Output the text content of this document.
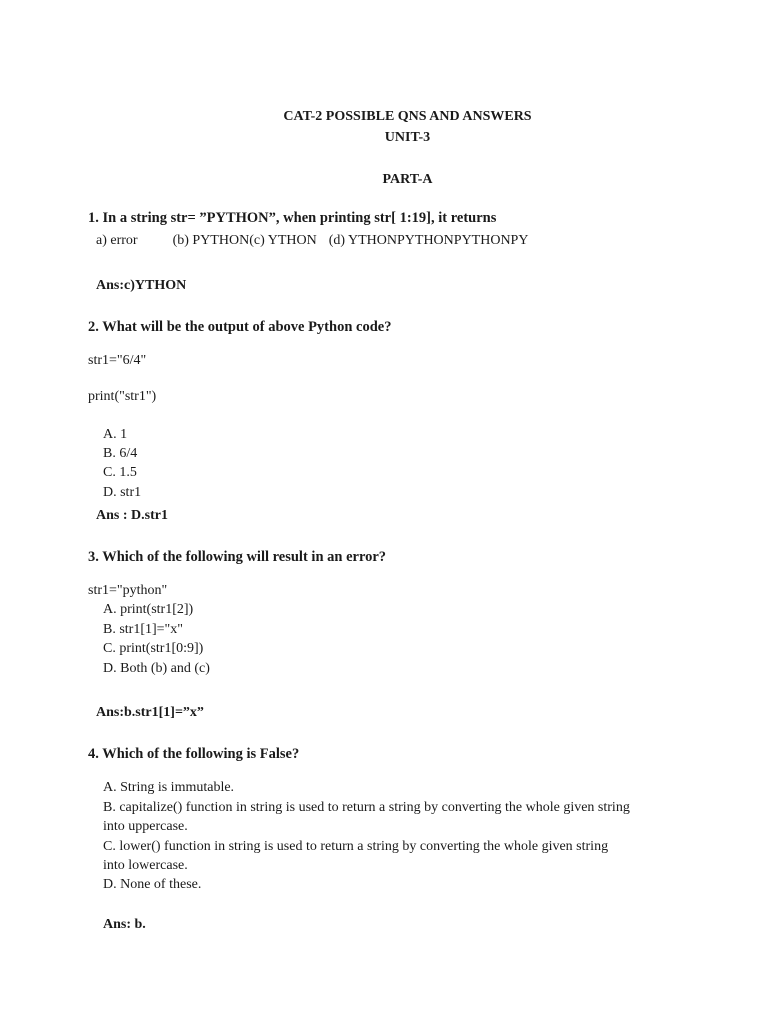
CAT-2 POSSIBLE QNS AND ANSWERS
UNIT-3
PART-A
1. In a string str= ”PYTHON”, when printing str[ 1:19], it returns
a) error	(b) PYTHON(c) YTHON (d) YTHONPYTHONPYTHONPY
Ans:c)YTHON
2. What will be the output of above Python code?
str1="6/4"
print("str1")
A. 1
B. 6/4
C. 1.5
D. str1
Ans : D.str1
3. Which of the following will result in an error?
str1="python"
A. print(str1[2])
B. str1[1]="x"
C. print(str1[0:9])
D. Both (b) and (c)
Ans:b.str1[1]=”x”
4. Which of the following is False?
A. String is immutable.
B. capitalize() function in string is used to return a string by converting the whole given string
into uppercase.
C. lower() function in string is used to return a string by converting the whole given string
into lowercase.
D. None of these.
Ans: b.
